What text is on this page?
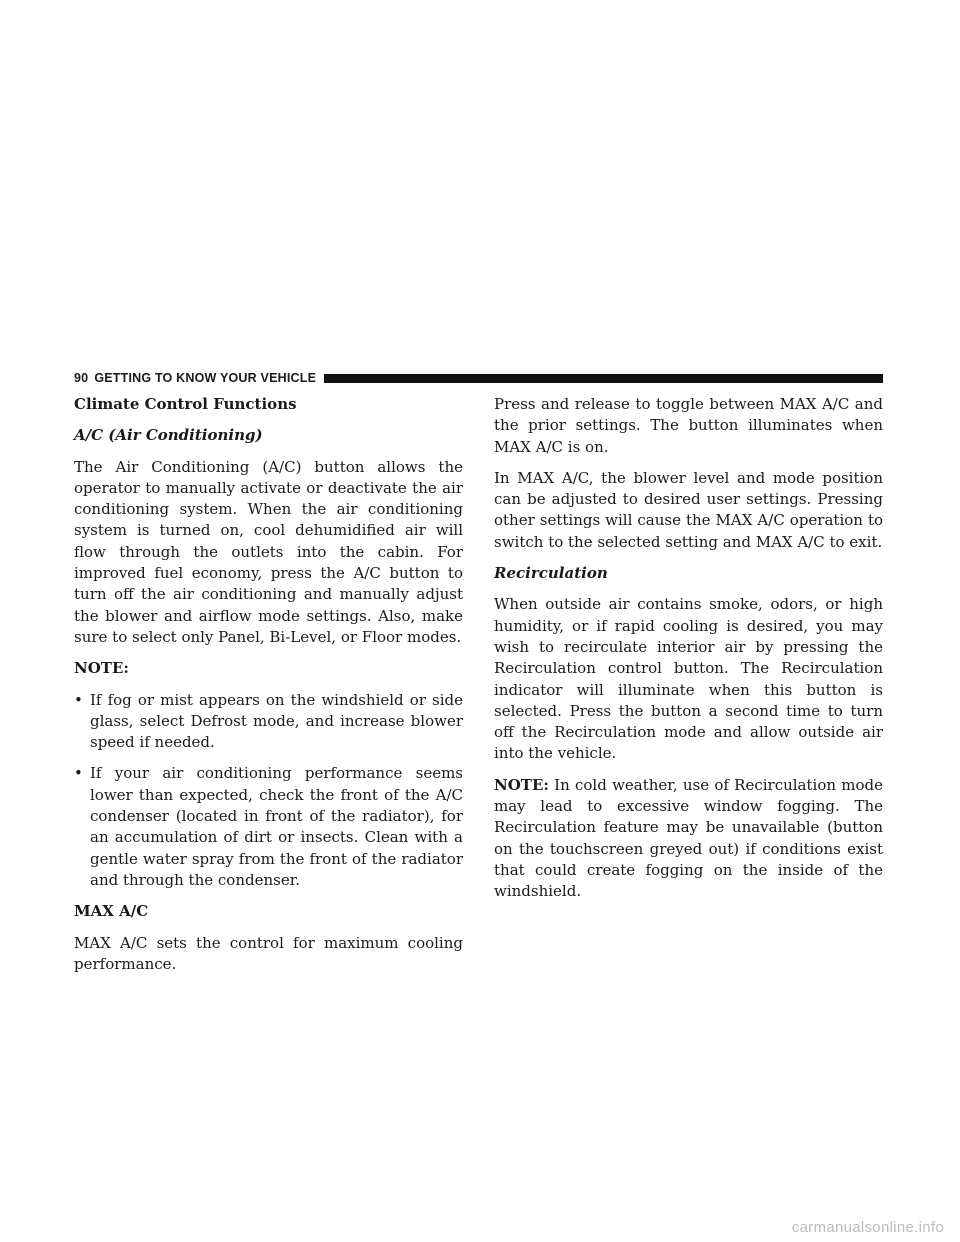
90 GETTING TO KNOW YOUR VEHICLE
Climate Control Functions
A/C (Air Conditioning)

The Air Conditioning (A/C) button allows the operator to manually activate or deactivate the air conditioning system. When the air conditioning system is turned on, cool dehumidified air will flow through the outlets into the cabin. For improved fuel economy, press the A/C button to turn off the air conditioning and manually adjust the blower and airflow mode settings. Also, make sure to select only Panel, Bi-Level, or Floor modes.

NOTE:
• If fog or mist appears on the windshield or side glass, select Defrost mode, and increase blower speed if needed.
• If your air conditioning performance seems lower than expected, check the front of the A/C condenser (located in front of the radiator), for an accumulation of dirt or insects. Clean with a gentle water spray from the front of the radiator and through the condenser.
MAX A/C

MAX A/C sets the control for maximum cooling performance.

Press and release to toggle between MAX A/C and the prior settings. The button illuminates when MAX A/C is on.

In MAX A/C, the blower level and mode position can be adjusted to desired user settings. Pressing other settings will cause the MAX A/C operation to switch to the selected setting and MAX A/C to exit.

Recirculation

When outside air contains smoke, odors, or high humidity, or if rapid cooling is desired, you may wish to recirculate interior air by pressing the Recirculation control button. The Recirculation indicator will illuminate when this button is selected. Press the button a second time to turn off the Recirculation mode and allow outside air into the vehicle.

NOTE: In cold weather, use of Recirculation mode may lead to excessive window fogging. The Recirculation feature may be unavailable (button on the touchscreen greyed out) if conditions exist that could create fogging on the inside of the windshield.

carmanualsonline.info
